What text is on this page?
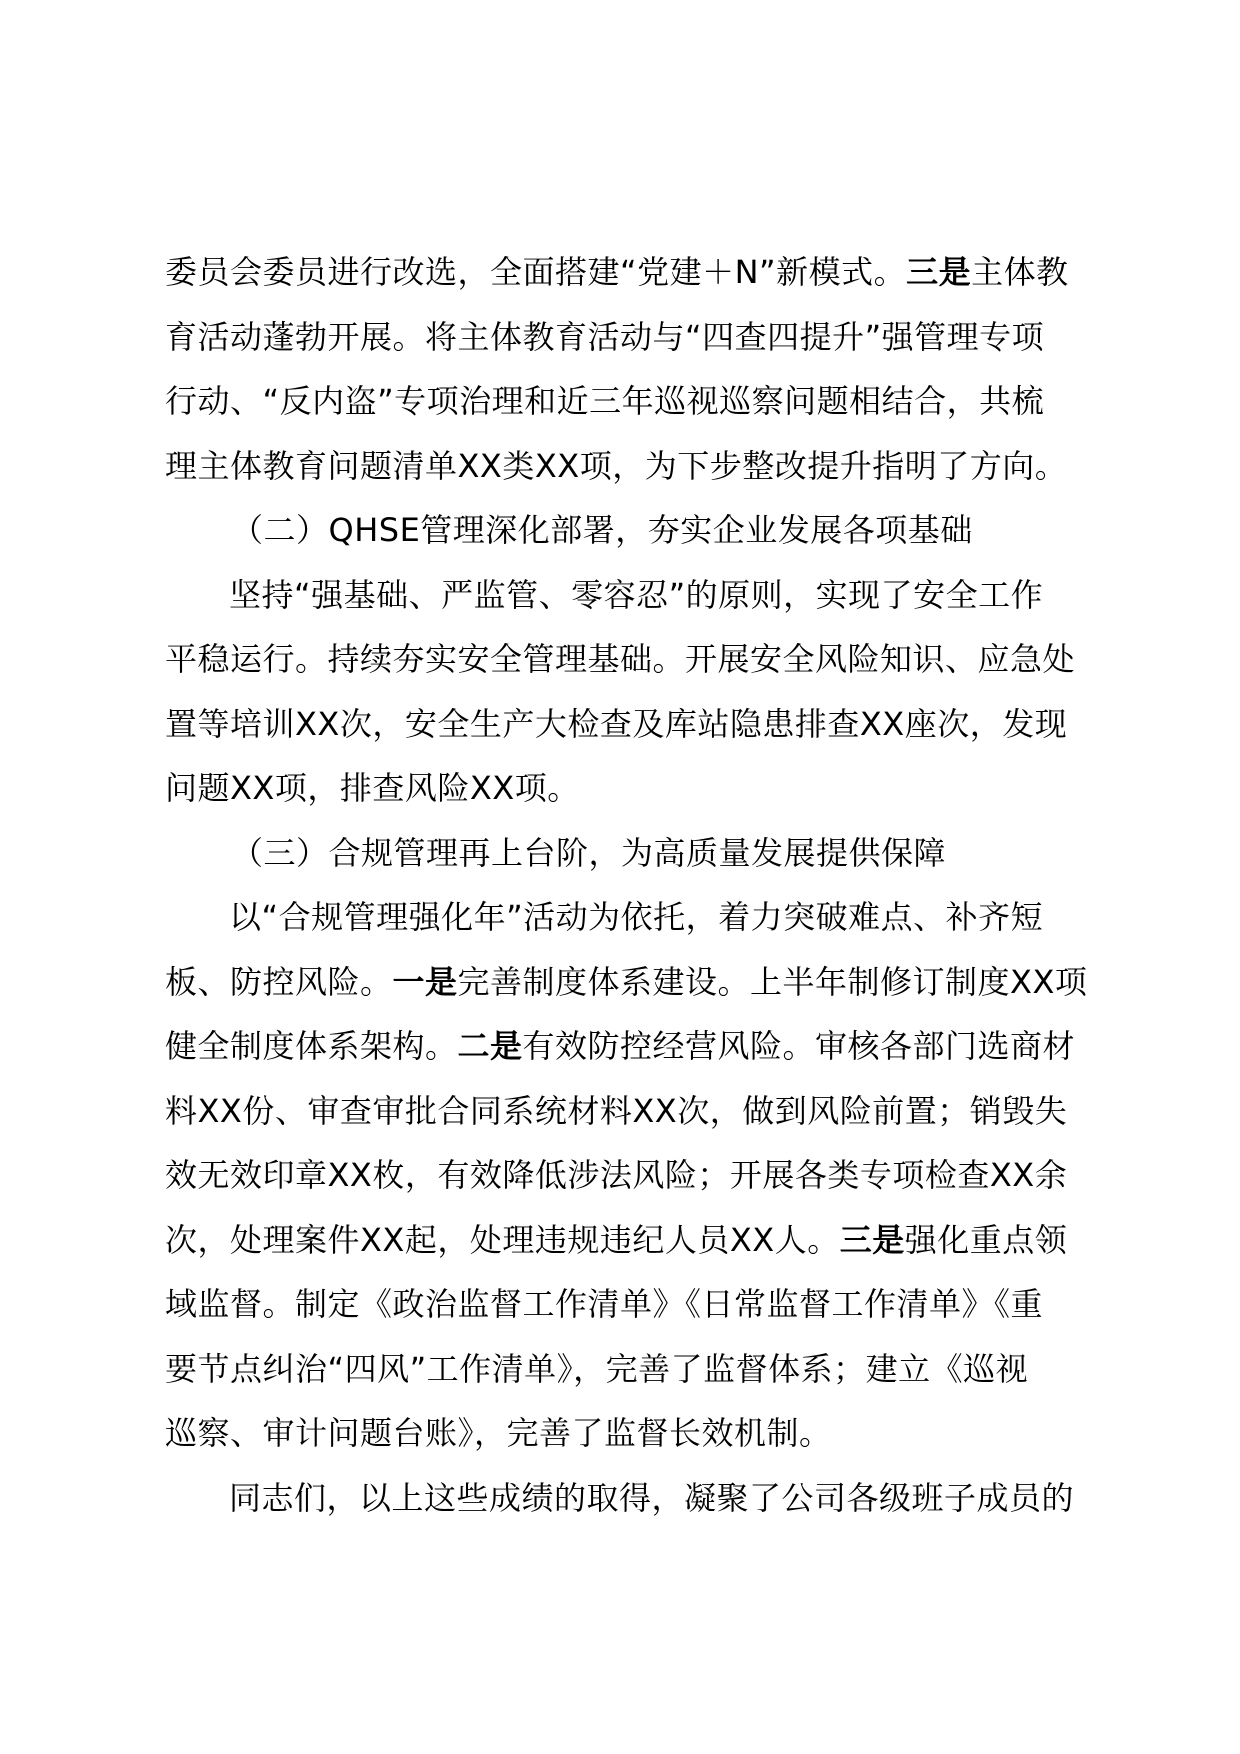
委员会委员进行改选，全面搭建“党建＋N”新模式。三是主体教
育活动蓬勃开展。将主体教育活动与“四查四提升”强管理专项
行动、“反内盗”专项治理和近三年巡视巡察问题相结合，共梳
理主体教育问题清单XX类XX项，为下步整改提升指明了方向。
（二）QHSE管理深化部署，夯实企业发展各项基础
坚持“强基础、严监管、零容忍”的原则，实现了安全工作
平稳运行。持续夯实安全管理基础。开展安全风险知识、应急处
置等培训XX次，安全生产大检查及库站隐患排查XX座次，发现
问题XX项，排查风险XX项。
（三）合规管理再上台阶，为高质量发展提供保障
以“合规管理强化年”活动为依托，着力突破难点、补齐短
板、防控风险。一是完善制度体系建设。上半年制修订制度XX项
健全制度体系架构。二是有效防控经营风险。审核各部门选商材
料XX份、审查审批合同系统材料XX次，做到风险前置；销毁失
效无效印章XX枚，有效降低涉法风险；开展各类专项检查XX余
次，处理案件XX起，处理违规违纪人员XX人。三是强化重点领
域监督。制定《政治监督工作清单》《日常监督工作清单》《重
要节点纠治“四风”工作清单》，完善了监督体系；建立《巡视
巡察、审计问题台账》，完善了监督长效机制。
同志们，以上这些成绩的取得，凝聚了公司各级班子成员的
